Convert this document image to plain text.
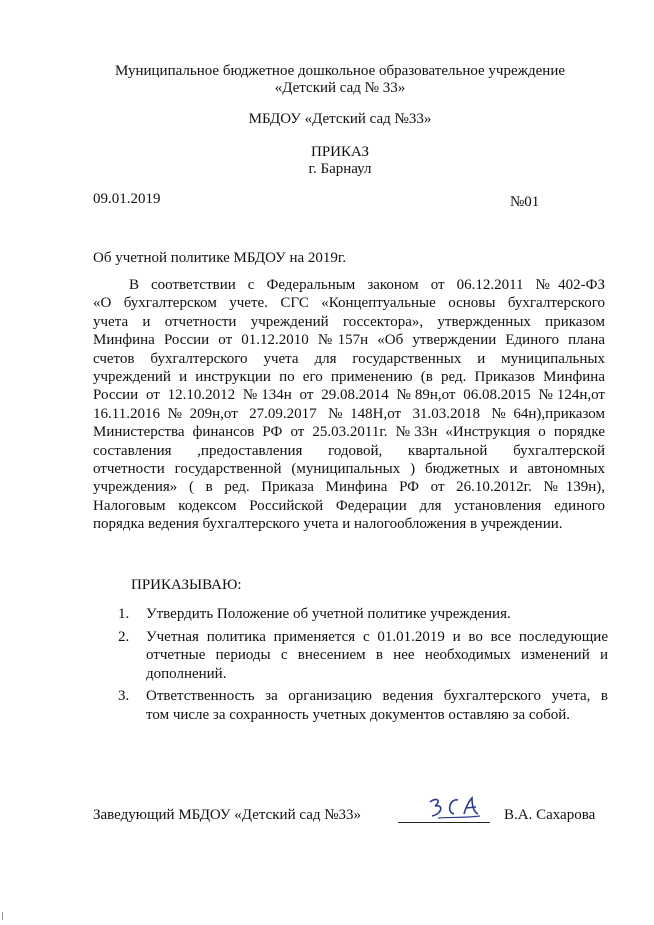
Муниципальное бюджетное дошкольное образовательное учреждение
«Детский сад № 33»
МБДОУ «Детский сад №33»
ПРИКАЗ
г. Барнаул
09.01.2019	№01
Об учетной политике МБДОУ на 2019г.
В соответствии с Федеральным законом от 06.12.2011 №402-ФЗ
«О бухгалтерском учете. СГС «Концептуальные основы бухгалтерского
учета и отчетности учреждений госсектора», утвержденных приказом
Минфина России от 01.12.2010 №157н «Об утверждении Единого плана
счетов бухгалтерского учета для государственных и муниципальных
учреждений и инструкции по его применению (в ред. Приказов Минфина
России от 12.10.2012 №134н от 29.08.2014 №89н,от 06.08.2015 №124н,от
16.11.2016№209н,от 27.09.2017 №148Н,от 31.03.2018 №64н),приказом
Министерства финансов РФ от 25.03.2011г. №33н «Инструкция о порядке
составления ,предоставления годовой, квартальной бухгалтерской
отчетности государственной (муниципальных ) бюджетных и автономных
учреждения» ( в ред. Приказа Минфина РФ от 26.10.2012г. №139н),
Налоговым кодексом Российской Федерации для установления единого
порядка ведения бухгалтерского учета и налогообложения в учреждении.
ПРИКАЗЫВАЮ:
1. Утвердить Положение об учетной политике учреждения.
2. Учетная политика применяется с 01.01.2019 и во все последующие
отчетные периоды с внесением в нее необходимых изменений и
дополнений.
3. Ответственность за организацию ведения бухгалтерского учета, в
том числе за сохранность учетных документов оставляю за собой.
Заведующий МБДОУ «Детский сад №33»	В.А. Сахарова
